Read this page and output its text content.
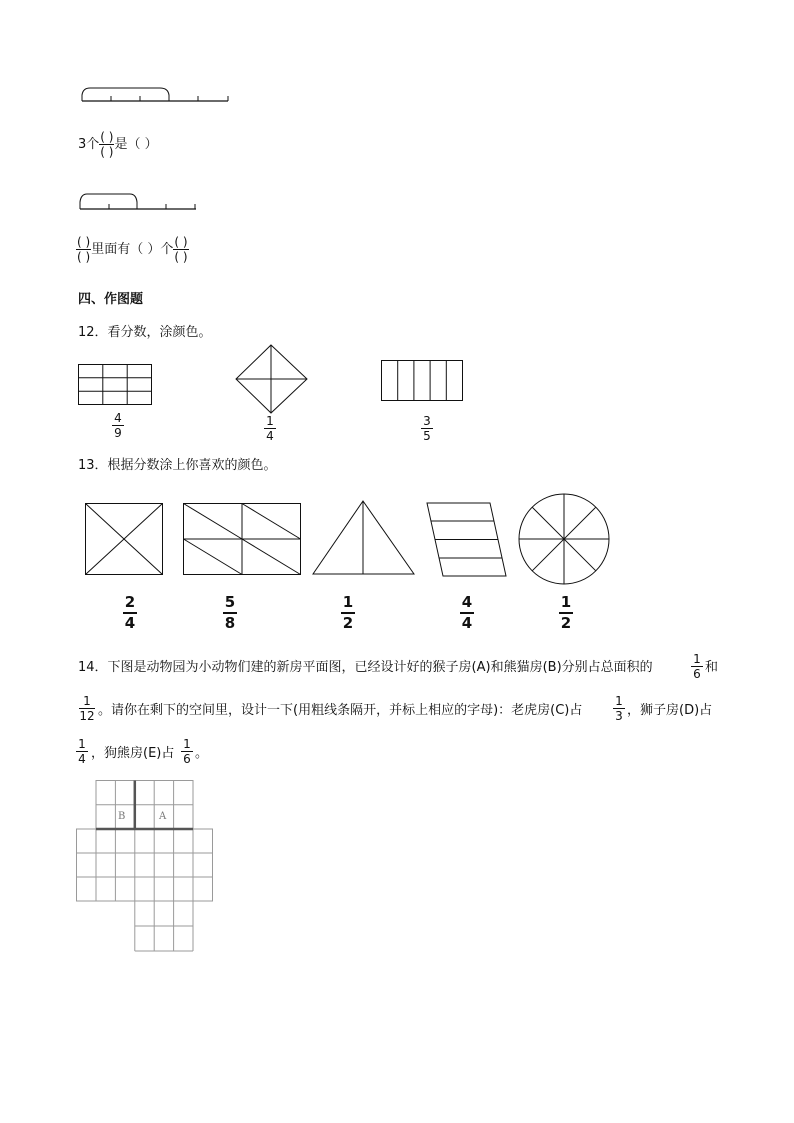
3个 $\frac{( )}{( )}$ 是（ ）
$\frac{( )}{( )}$ 里面有（ ）个 $\frac{( )}{( )}$
四、作图题
12．看分数，涂颜色。
4
9
1
4
3
5
13．根据分数涂上你喜欢的颜色。
2
4
5
8
1
2
4
4
1
2
14．下图是动物园为小动物们建的新房平面图，已经设计好的猴子房(A)和熊猫房(B)分别占总面积的
1
6 和
1
12 。请你在剩下的空间里，设计一下(用粗线条隔开，并标上相应的字母)：老虎房(C)占
1
3 ，狮子房(D)占
1
4 ，狗熊房(E)占
1
6 。
B	A
